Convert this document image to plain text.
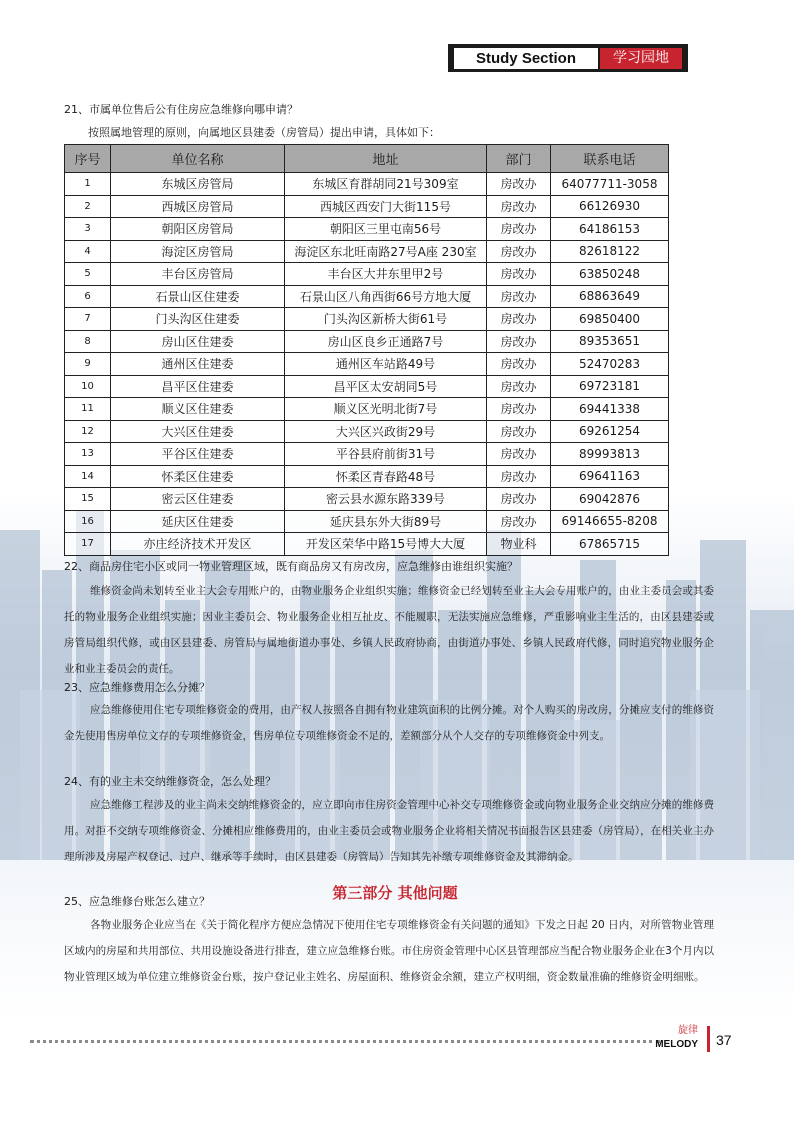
Study Section	学习园地
21、市属单位售后公有住房应急维修向哪申请？
按照属地管理的原则，向属地区县建委（房管局）提出申请，具体如下：
序号	单位名称	地址	部门	联系电话
1	东城区房管局	东城区育群胡同21号309室	房改办	64077711-3058
2	西城区房管局	西城区西安门大街115号	房改办	66126930
3	朝阳区房管局	朝阳区三里屯南56号	房改办	64186153
4	海淀区房管局	海淀区东北旺南路27号A座 230室	房改办	82618122
5	丰台区房管局	丰台区大井东里甲2号	房改办	63850248
6	石景山区住建委	石景山区八角西街66号方地大厦	房改办	68863649
7	门头沟区住建委	门头沟区新桥大街61号	房改办	69850400
8	房山区住建委	房山区良乡正通路7号	房改办	89353651
9	通州区住建委	通州区车站路49号	房改办	52470283
10	昌平区住建委	昌平区太安胡同5号	房改办	69723181
11	顺义区住建委	顺义区光明北街7号	房改办	69441338
12	大兴区住建委	大兴区兴政街29号	房改办	69261254
13	平谷区住建委	平谷县府前街31号	房改办	89993813
14	怀柔区住建委	怀柔区青春路48号	房改办	69641163
15	密云区住建委	密云县水源东路339号	房改办	69042876
16	延庆区住建委	延庆县东外大街89号	房改办	69146655-8208
17	亦庄经济技术开发区	开发区荣华中路15号博大大厦	物业科	67865715
22、商品房住宅小区或同一物业管理区域，既有商品房又有房改房，应急维修由谁组织实施？
维修资金尚未划转至业主大会专用账户的，由物业服务企业组织实施；维修资金已经划转至业主大会专用账户的，由业主委员会或其委托的物业服务企业组织实施；因业主委员会、物业服务企业相互扯皮、不能履职，无法实施应急维修，严重影响业主生活的，由区县建委或房管局组织代修，或由区县建委、房管局与属地街道办事处、乡镇人民政府协商，由街道办事处、乡镇人民政府代修，同时追究物业服务企业和业主委员会的责任。
23、应急维修费用怎么分摊？
应急维修使用住宅专项维修资金的费用，由产权人按照各自拥有物业建筑面积的比例分摊。对个人购买的房改房，分摊应支付的维修资金先使用售房单位文存的专项维修资金，售房单位专项维修资金不足的，差额部分从个人交存的专项维修资金中列支。
24、有的业主未交纳维修资金，怎么处理？
应急维修工程涉及的业主尚未交纳维修资金的，应立即向市住房资金管理中心补交专项维修资金或向物业服务企业交纳应分摊的维修费用。对拒不交纳专项维修资金、分摊相应维修费用的，由业主委员会或物业服务企业将相关情况书面报告区县建委（房管局），在相关业主办理所涉及房屋产权登记、过户、继承等手续时，由区县建委（房管局）告知其先补缴专项维修资金及其滞纳金。
第三部分 其他问题
25、应急维修台账怎么建立？
各物业服务企业应当在《关于简化程序方便应急情况下使用住宅专项维修资金有关问题的通知》下发之日起 20 日内，对所管物业管理区域内的房屋和共用部位、共用设施设备进行排查，建立应急维修台账。市住房资金管理中心区县管理部应当配合物业服务企业在3个月内以物业管理区域为单位建立维修资金台账，按户登记业主姓名、房屋面积、维修资金余额，建立产权明细，资金数量准确的维修资金明细账。
旋律
MELODY 37
